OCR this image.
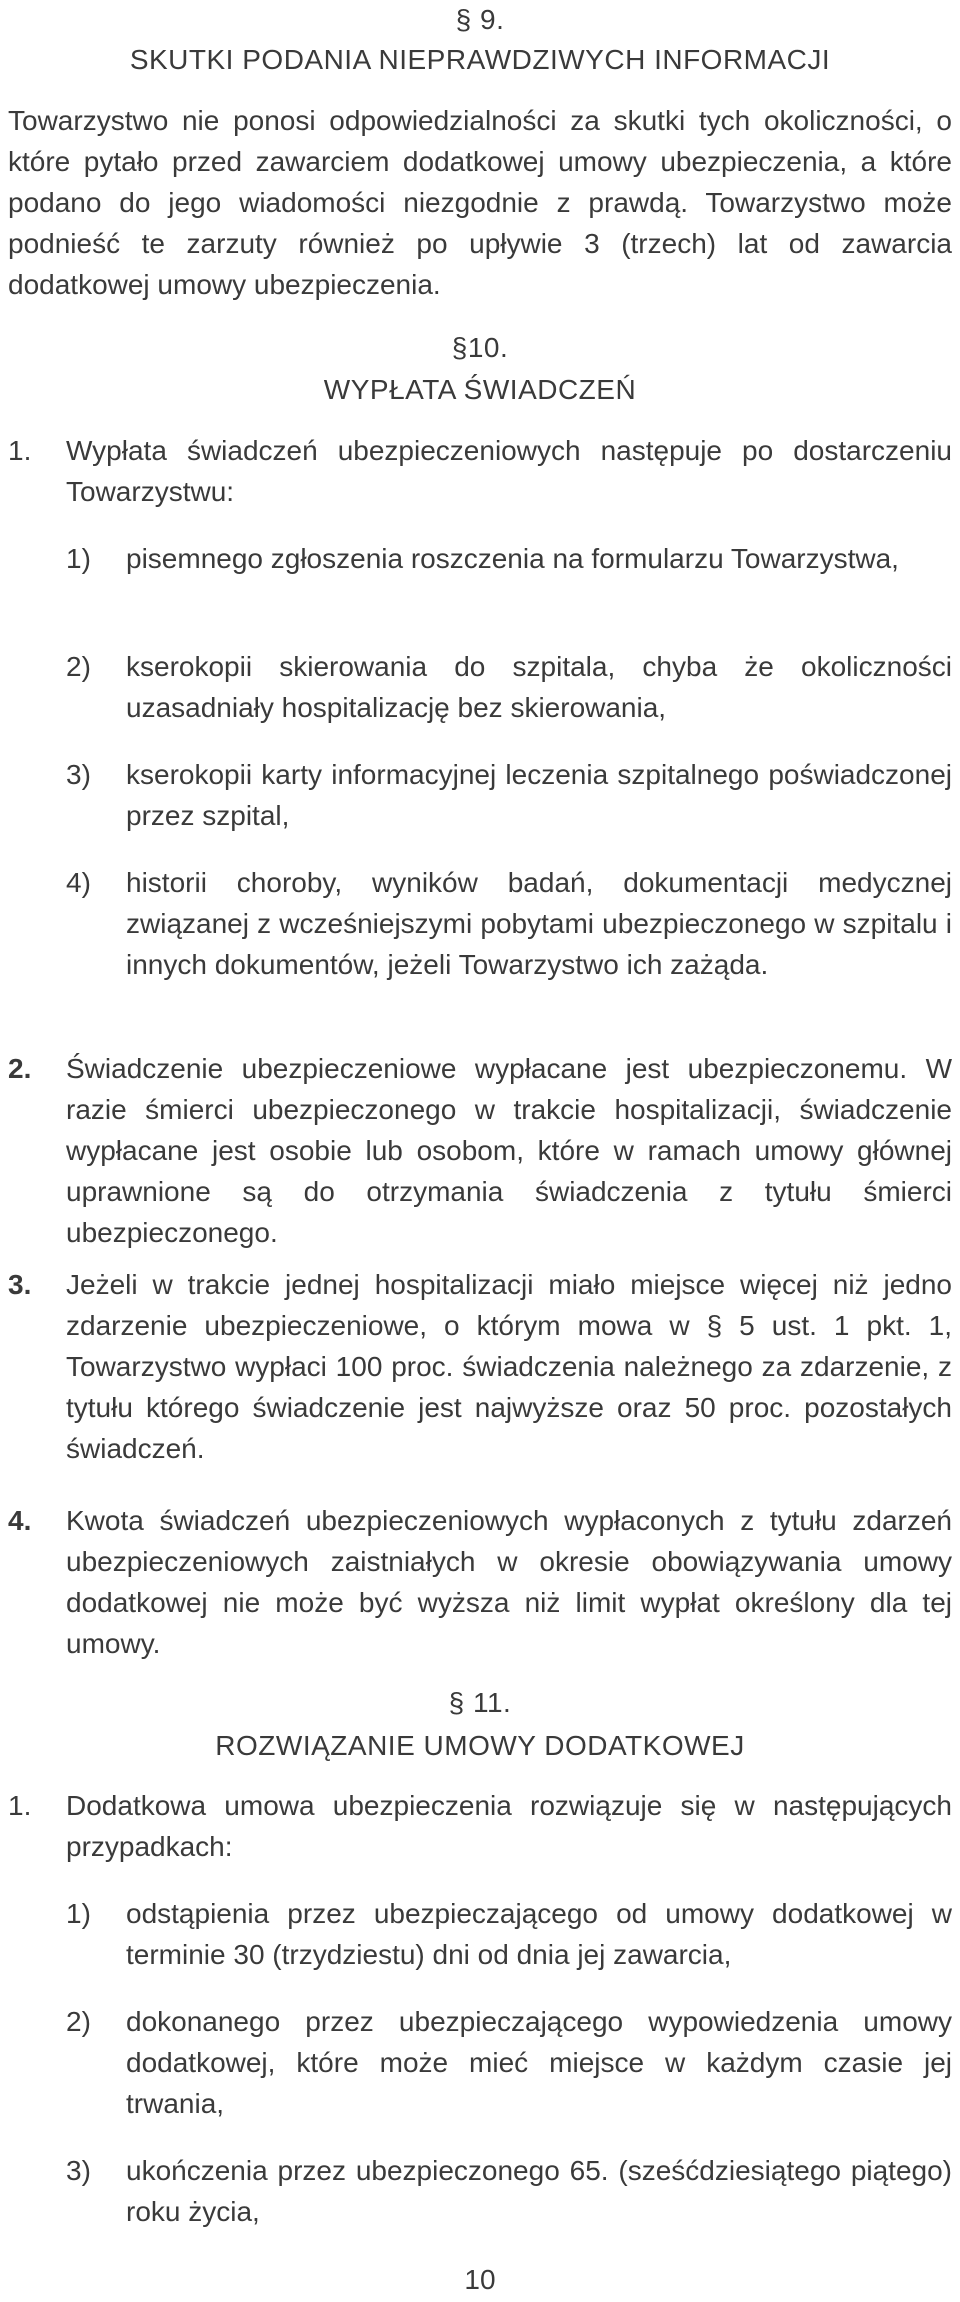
§ 9.
SKUTKI PODANIA NIEPRAWDZIWYCH INFORMACJI
Towarzystwo nie ponosi odpowiedzialności za skutki tych okoliczności, o które pytało przed zawarciem dodatkowej umowy ubezpieczenia, a które podano do jego wiadomości niezgodnie z prawdą. Towarzystwo może podnieść te zarzuty również po upływie 3 (trzech) lat od zawarcia dodatkowej umowy ubezpieczenia.
§10.
WYPŁATA ŚWIADCZEŃ
1.	Wypłata świadczeń ubezpieczeniowych następuje po dostarczeniu Towarzystwu:
1)	pisemnego zgłoszenia roszczenia na formularzu Towarzystwa,
2)	kserokopii skierowania do szpitala, chyba że okoliczności uzasadniały hospitalizację bez skierowania,
3)	kserokopii karty informacyjnej leczenia szpitalnego poświadczonej przez szpital,
4)	historii choroby, wyników badań, dokumentacji medycznej związanej z wcześniejszymi pobytami ubezpieczonego w szpitalu i innych dokumentów, jeżeli Towarzystwo ich zażąda.
2.	Świadczenie ubezpieczeniowe wypłacane jest ubezpieczonemu. W razie śmierci ubezpieczonego w trakcie hospitalizacji, świadczenie wypłacane jest osobie lub osobom, które w ramach umowy głównej uprawnione są do otrzymania świadczenia z tytułu śmierci ubezpieczonego.
3.	Jeżeli w trakcie jednej hospitalizacji miało miejsce więcej niż jedno zdarzenie ubezpieczeniowe, o którym mowa w § 5 ust. 1 pkt. 1, Towarzystwo wypłaci 100 proc. świadczenia należnego za zdarzenie, z tytułu którego świadczenie jest najwyższe oraz 50 proc. pozostałych świadczeń.
4.	Kwota świadczeń ubezpieczeniowych wypłaconych z tytułu zdarzeń ubezpieczeniowych zaistniałych w okresie obowiązywania umowy dodatkowej nie może być wyższa niż limit wypłat określony dla tej umowy.
§ 11.
ROZWIĄZANIE UMOWY DODATKOWEJ
1.	Dodatkowa umowa ubezpieczenia rozwiązuje się w następujących przypadkach:
1)	odstąpienia przez ubezpieczającego od umowy dodatkowej w terminie 30 (trzydziestu) dni od dnia jej zawarcia,
2)	dokonanego przez ubezpieczającego wypowiedzenia umowy dodatkowej, które może mieć miejsce w każdym czasie jej trwania,
3)	ukończenia przez ubezpieczonego 65. (sześćdziesiątego piątego) roku życia,
10
